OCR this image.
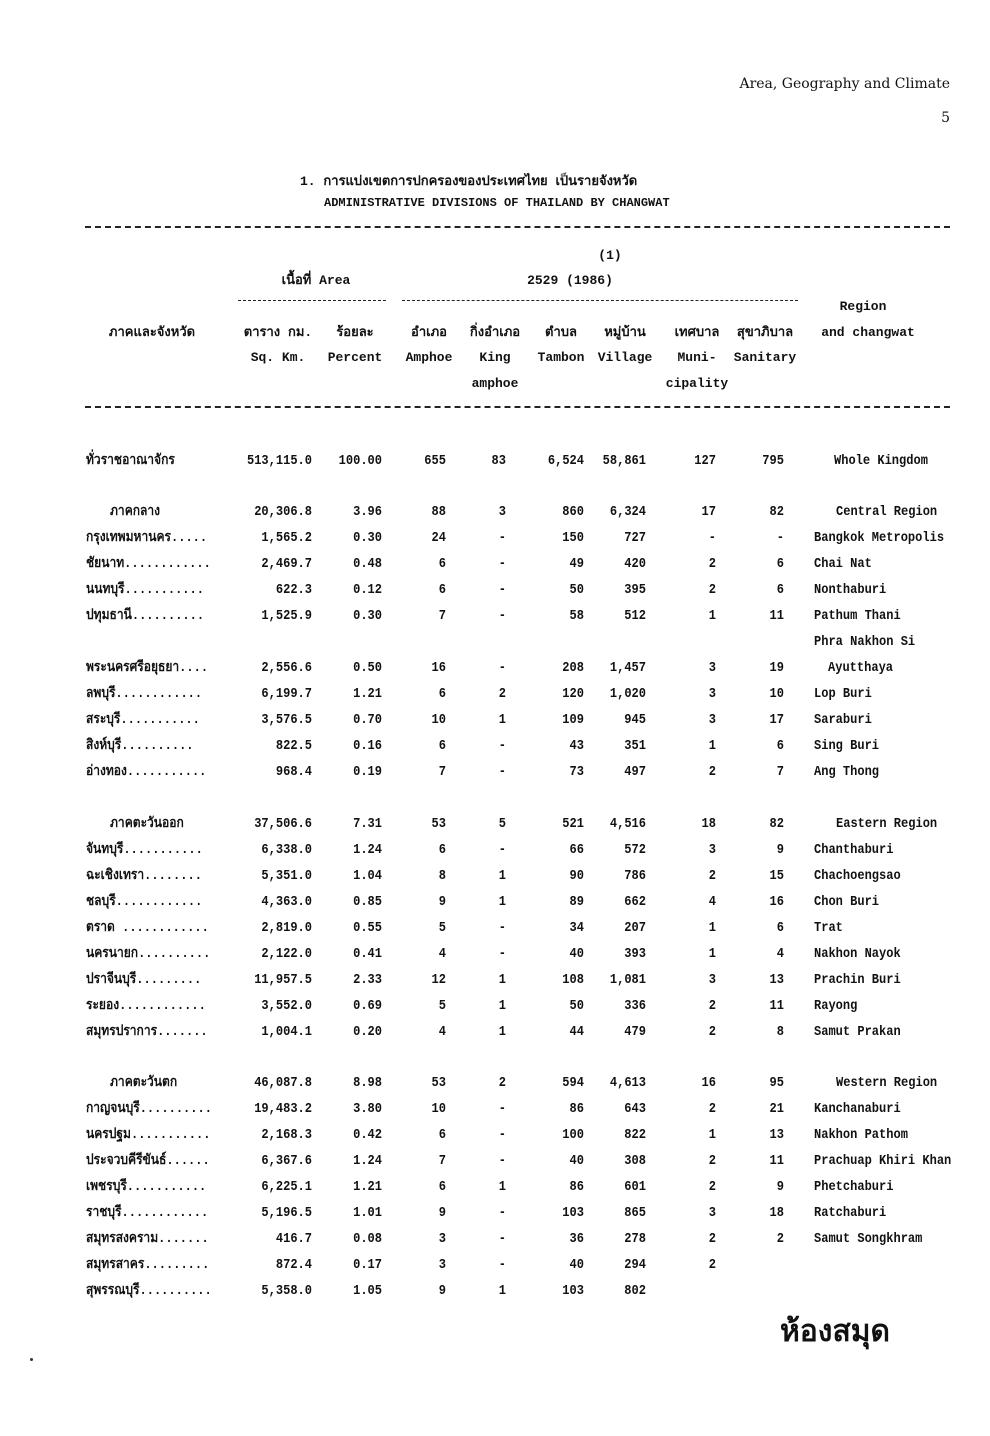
Area, Geography and Climate
5
1. การแบ่งเขตการปกครองของประเทศไทย เป็นรายจังหวัด
ADMINISTRATIVE DIVISIONS OF THAILAND BY CHANGWAT
(1)
เนื้อที่ Area	2529 (1986)
ภาคและจังหวัด	ตาราง กม.	ร้อยละ	อำเภอ	กิ่งอำเภอ	ตำบล	หมู่บ้าน	เทศบาล	สุขาภิบาล
Region
and changwat
Sq. Km.	Percent	Amphoe	King	Tambon	Village	Muni-	Sanitary
amphoe	cipality
ทั่วราชอาณาจักร	513,115.0	100.00	655	83	6,524	58,861	127	795	Whole Kingdom
ภาคกลาง	20,306.8	3.96	88	3	860	6,324	17	82	Central Region
กรุงเทพมหานคร.....	1,565.2	0.30	24	-	150	727	-	- Bangkok Metropolis
ชัยนาท............	2,469.7	0.48	6	-	49	420	2	6 Chai Nat
นนทบุรี...........	622.3	0.12	6	-	50	395	2	6 Nonthaburi
ปทุมธานี..........	1,525.9	0.30	7	-	58	512	1	11 Pathum Thani
Phra Nakhon Si
พระนครศรีอยุธยา....	2,556.6	0.50	16	-	208	1,457	3	19	Ayutthaya
ลพบุรี............	6,199.7	1.21	6	2	120	1,020	3	10 Lop Buri
สระบุรี...........	3,576.5	0.70	10	1	109	945	3	17 Saraburi
สิงห์บุรี..........	822.5	0.16	6	-	43	351	1	6 Sing Buri
อ่างทอง...........	968.4	0.19	7	-	73	497	2	7 Ang Thong
ภาคตะวันออก	37,506.6	7.31	53	5	521	4,516	18	82	Eastern Region
จันทบุรี...........	6,338.0	1.24	6	-	66	572	3	9 Chanthaburi
ฉะเชิงเทรา........	5,351.0	1.04	8	1	90	786	2	15 Chachoengsao
ชลบุรี............	4,363.0	0.85	9	1	89	662	4	16 Chon Buri
ตราด ............	2,819.0	0.55	5	-	34	207	1	6 Trat
นครนายก..........	2,122.0	0.41	4	-	40	393	1	4 Nakhon Nayok
ปราจีนบุรี.........	11,957.5	2.33	12	1	108	1,081	3	13 Prachin Buri
ระยอง............	3,552.0	0.69	5	1	50	336	2	11 Rayong
สมุทรปราการ.......	1,004.1	0.20	4	1	44	479	2	8 Samut Prakan
ภาคตะวันตก	46,087.8	8.98	53	2	594	4,613	16	95	Western Region
กาญจนบุรี..........	19,483.2	3.80	10	-	86	643	2	21 Kanchanaburi
นครปฐม...........	2,168.3	0.42	6	-	100	822	1	13 Nakhon Pathom
ประจวบคีรีขันธ์......	6,367.6	1.24	7	-	40	308	2	11 Prachuap Khiri Khan
เพชรบุรี...........	6,225.1	1.21	6	1	86	601	2	9 Phetchaburi
ราชบุรี............	5,196.5	1.01	9	-	103	865	3	18 Ratchaburi
สมุทรสงคราม.......	416.7	0.08	3	-	36	278	2	2 Samut Songkhram
สมุทรสาคร.........	872.4	0.17	3	-	40	294	2
สุพรรณบุรี..........	5,358.0	1.05	9	1	103	802
ห้องสมุด
